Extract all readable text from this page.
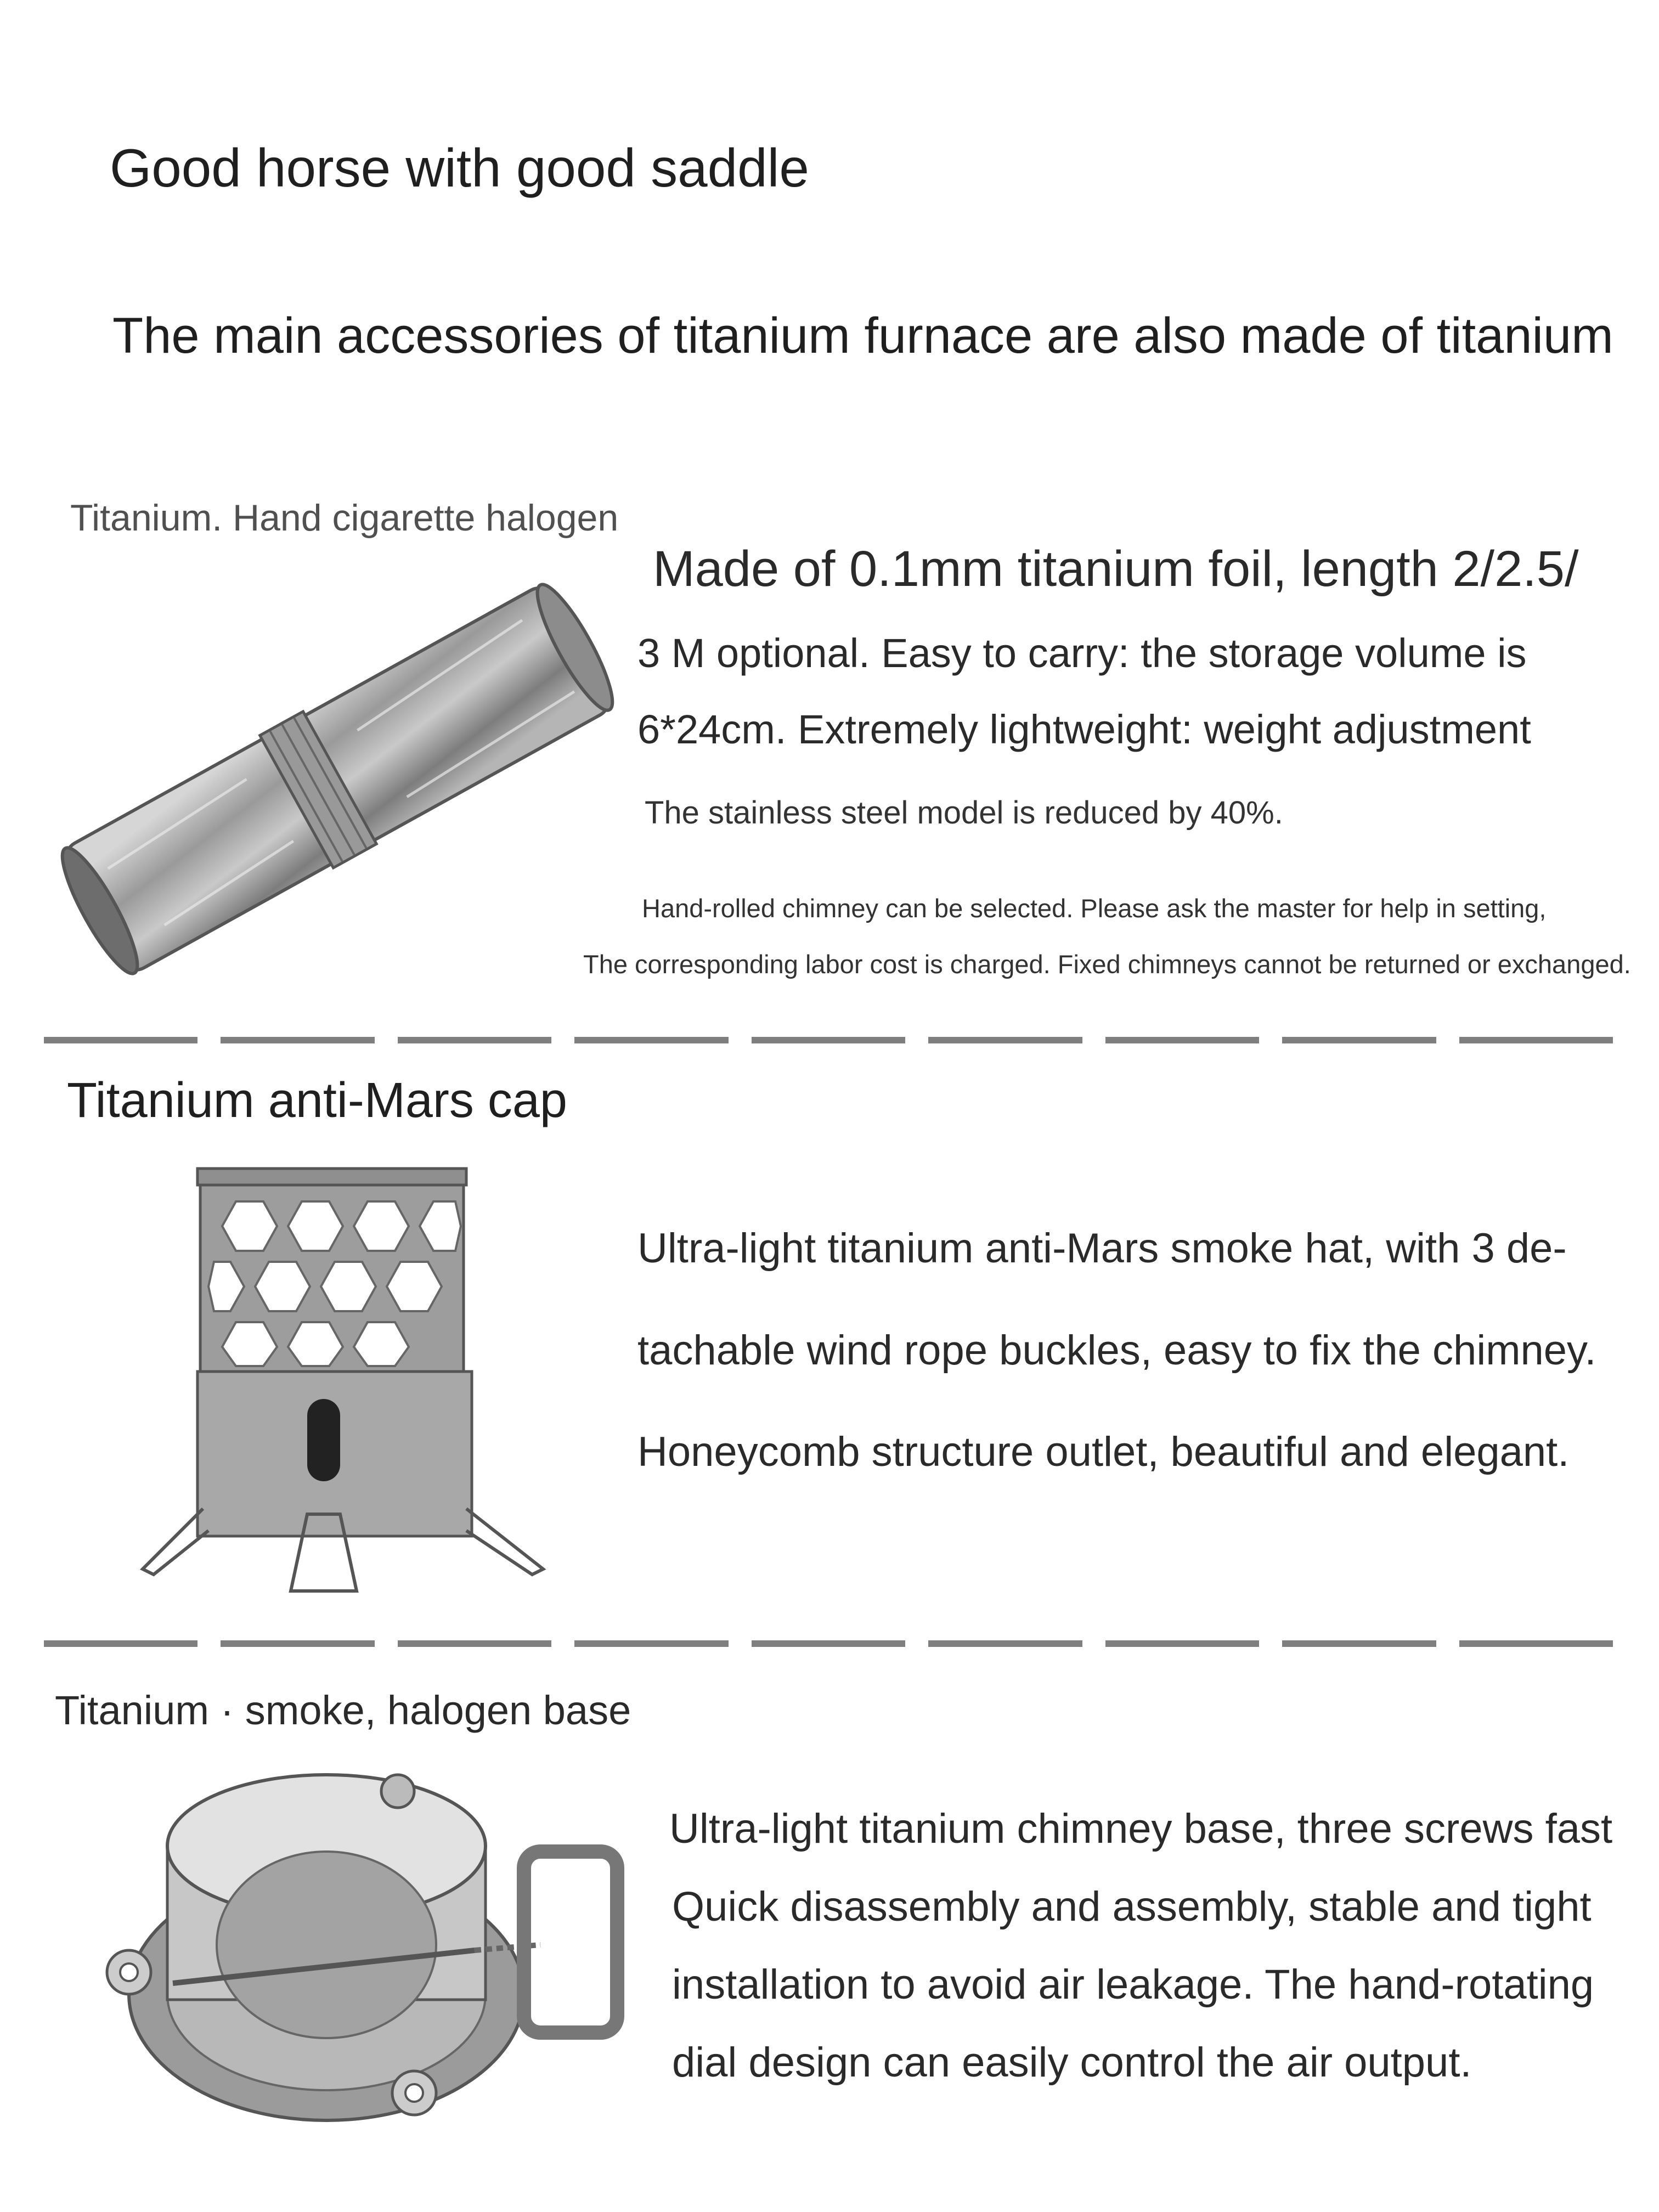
Good horse with good saddle
The main accessories of titanium furnace are also made of titanium
Titanium. Hand cigarette halogen
Made of 0.1mm titanium foil, length 2/2.5/
3 M optional. Easy to carry: the storage volume is
6*24cm. Extremely lightweight: weight adjustment
The stainless steel model is reduced by 40%.
Hand-rolled chimney can be selected. Please ask the master for help in setting,
The corresponding labor cost is charged. Fixed chimneys cannot be returned or exchanged.
Titanium anti-Mars cap
Ultra-light titanium anti-Mars smoke hat, with 3 de-
tachable wind rope buckles, easy to fix the chimney.
Honeycomb structure outlet, beautiful and elegant.
Titanium · smoke, halogen base
Ultra-light titanium chimney base, three screws fast
Quick disassembly and assembly, stable and tight
installation to avoid air leakage. The hand-rotating
dial design can easily control the air output.
